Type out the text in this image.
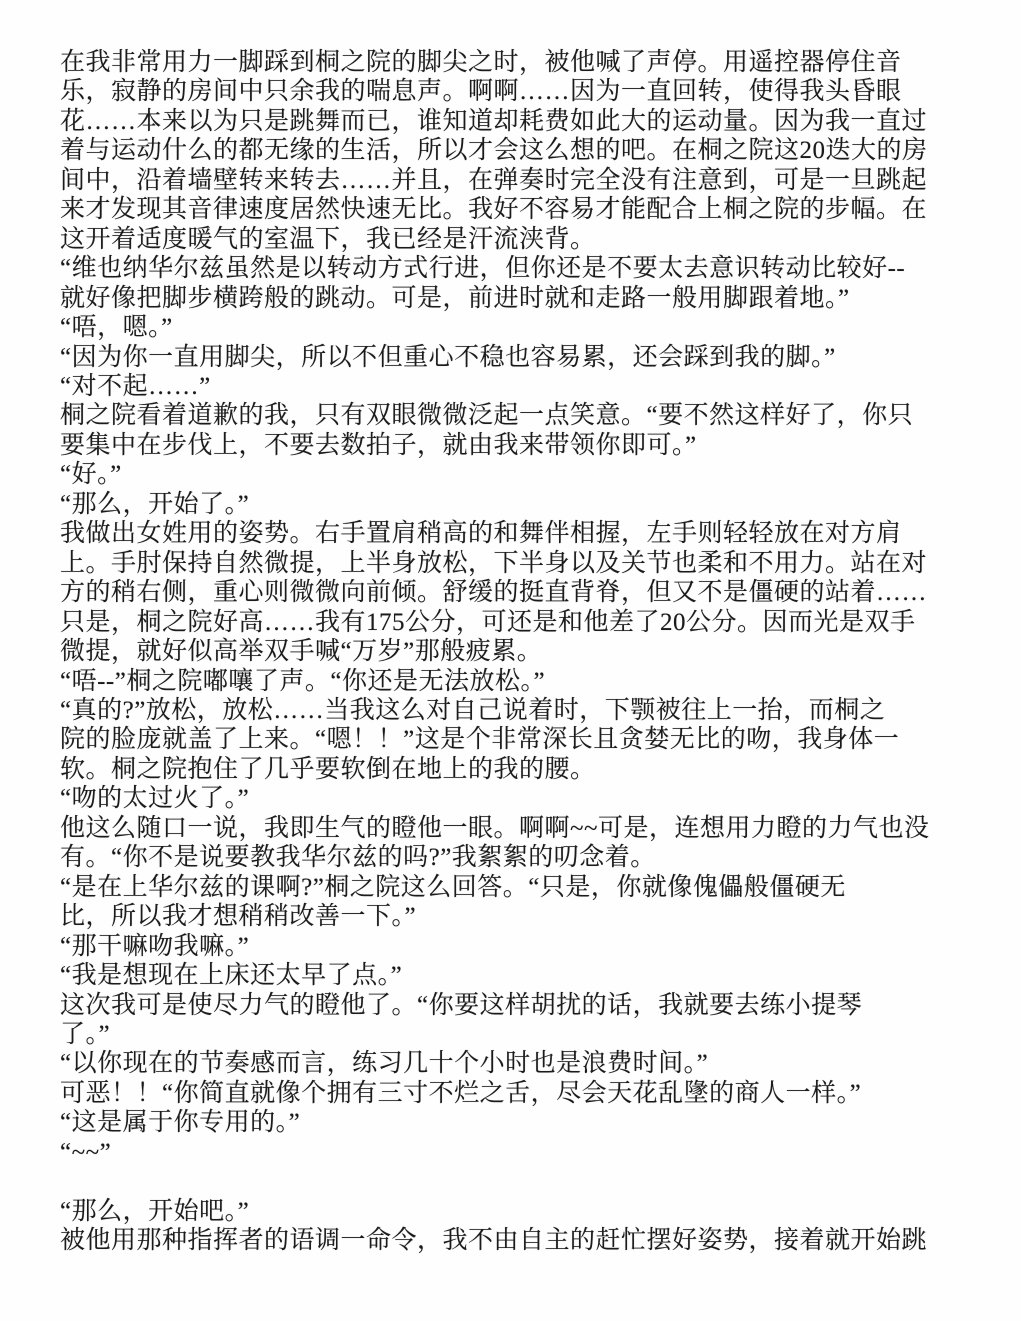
在我非常用力一脚踩到桐之院的脚尖之时，被他喊了声停。用遥控器停住音
乐，寂静的房间中只余我的喘息声。啊啊……因为一直回转，使得我头昏眼
花……本来以为只是跳舞而已，谁知道却耗费如此大的运动量。因为我一直过
着与运动什么的都无缘的生活，所以才会这么想的吧。在桐之院这20迭大的房
间中，沿着墙壁转来转去……并且，在弹奏时完全没有注意到，可是一旦跳起
来才发现其音律速度居然快速无比。我好不容易才能配合上桐之院的步幅。在
这开着适度暖气的室温下，我已经是汗流浃背。
“维也纳华尔兹虽然是以转动方式行进，但你还是不要太去意识转动比较好--
就好像把脚步横跨般的跳动。可是，前进时就和走路一般用脚跟着地。”
“唔，嗯。”
“因为你一直用脚尖，所以不但重心不稳也容易累，还会踩到我的脚。”
“对不起……”
桐之院看着道歉的我，只有双眼微微泛起一点笑意。“要不然这样好了，你只
要集中在步伐上，不要去数拍子，就由我来带领你即可。”
“好。”
“那么，开始了。”
我做出女姓用的姿势。右手置肩稍高的和舞伴相握，左手则轻轻放在对方肩
上。手肘保持自然微提，上半身放松，下半身以及关节也柔和不用力。站在对
方的稍右侧，重心则微微向前倾。舒缓的挺直背脊，但又不是僵硬的站着……
只是，桐之院好高……我有175公分，可还是和他差了20公分。因而光是双手
微提，就好似高举双手喊“万岁”那般疲累。
“唔--”桐之院嘟嚷了声。“你还是无法放松。”
“真的?”放松，放松……当我这么对自己说着时，下颚被往上一抬，而桐之
院的脸庞就盖了上来。“嗯！！”这是个非常深长且贪婪无比的吻，我身体一
软。桐之院抱住了几乎要软倒在地上的我的腰。
“吻的太过火了。”
他这么随口一说，我即生气的瞪他一眼。啊啊~~可是，连想用力瞪的力气也没
有。“你不是说要教我华尔兹的吗?”我絮絮的叨念着。
“是在上华尔兹的课啊?”桐之院这么回答。“只是，你就像傀儡般僵硬无
比，所以我才想稍稍改善一下。”
“那干嘛吻我嘛。”
“我是想现在上床还太早了点。”
这次我可是使尽力气的瞪他了。“你要这样胡扰的话，我就要去练小提琴
了。”
“以你现在的节奏感而言，练习几十个小时也是浪费时间。”
可恶！！“你简直就像个拥有三寸不烂之舌，尽会天花乱墬的商人一样。”
“这是属于你专用的。”
“~~”

“那么，开始吧。”
被他用那种指挥者的语调一命令，我不由自主的赶忙摆好姿势，接着就开始跳
